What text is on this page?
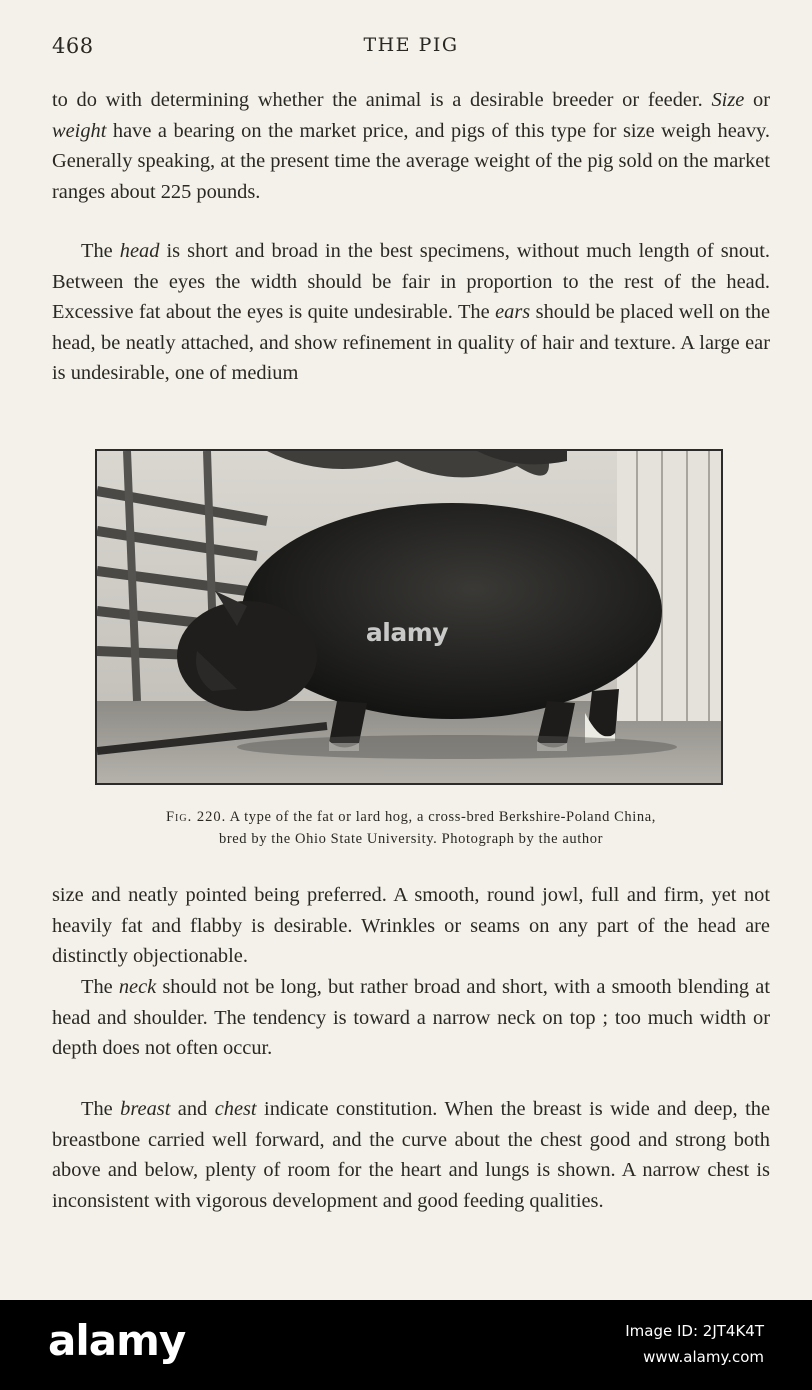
468	THE PIG

to do with determining whether the animal is a desirable breeder or feeder. Size or weight have a bearing on the market price, and pigs of this type for size weigh heavy. Generally speaking, at the present time the average weight of the pig sold on the market ranges about 225 pounds.

The head is short and broad in the best specimens, without much length of snout. Between the eyes the width should be fair in proportion to the rest of the head. Excessive fat about the eyes is quite undesirable. The ears should be placed well on the head, be neatly attached, and show refinement in quality of hair and texture. A large ear is undesirable, one of medium

alamy
Fig. 220. A type of the fat or lard hog, a cross-bred Berkshire-Poland China,
bred by the Ohio State University. Photograph by the author

size and neatly pointed being preferred. A smooth, round jowl, full and firm, yet not heavily fat and flabby is desirable. Wrinkles or seams on any part of the head are distinctly objectionable.

The neck should not be long, but rather broad and short, with a smooth blending at head and shoulder. The tendency is toward a narrow neck on top ; too much width or depth does not often occur.

The breast and chest indicate constitution. When the breast is wide and deep, the breastbone carried well forward, and the curve about the chest good and strong both above and below, plenty of room for the heart and lungs is shown. A narrow chest is inconsistent with vigorous development and good feeding qualities.

alamy	Image ID: 2JT4K4T
www.alamy.com
